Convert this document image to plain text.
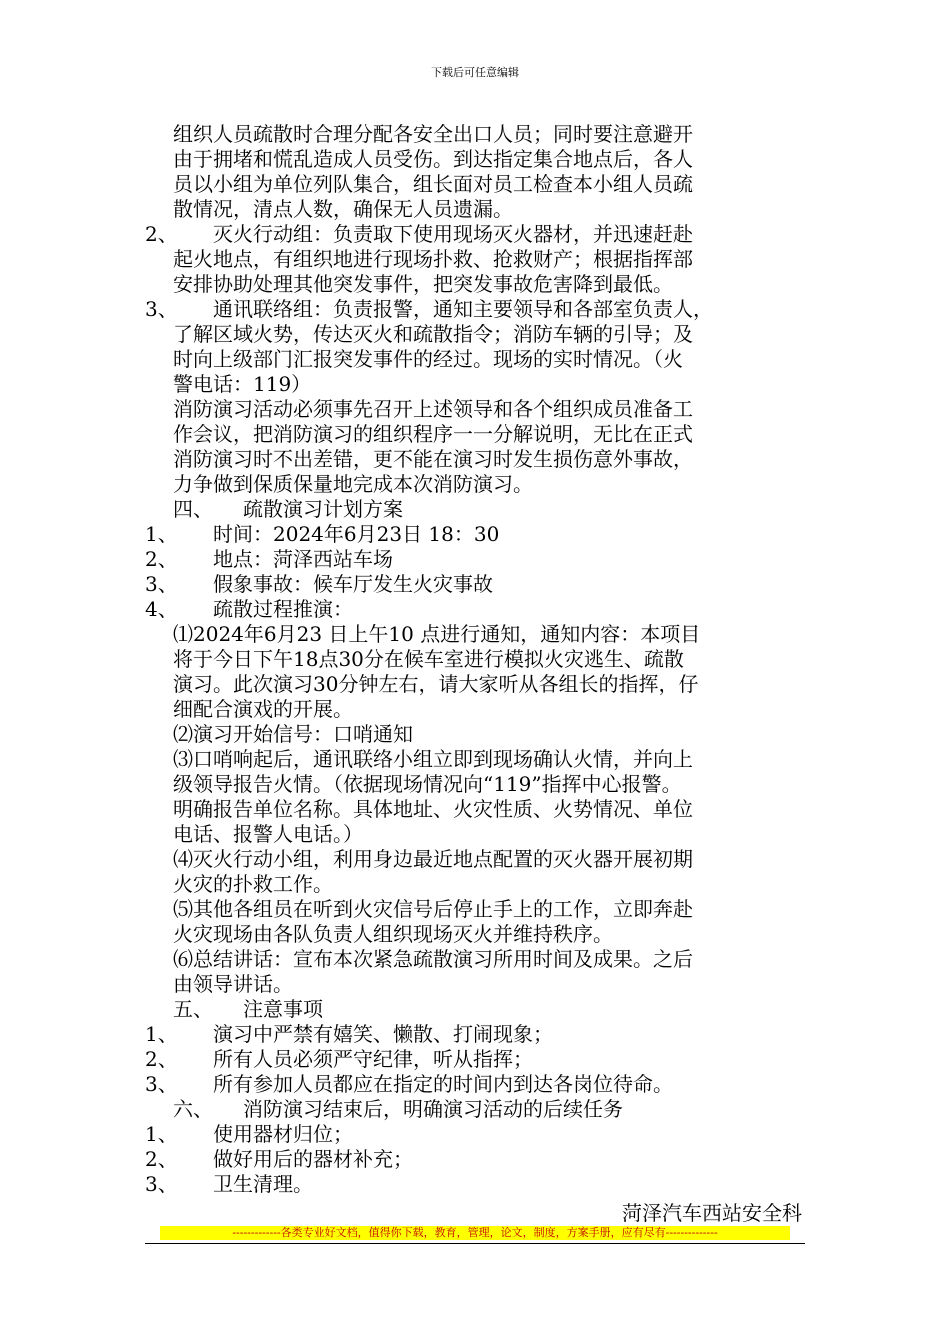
下载后可任意编辑

组织人员疏散时合理分配各安全出口人员；同时要注意避开

由于拥堵和慌乱造成人员受伤。到达指定集合地点后，各人

员以小组为单位列队集合，组长面对员工检查本小组人员疏

散情况，清点人数，确保无人员遗漏。

2、	灭火行动组：负责取下使用现场灭火器材，并迅速赶赴

起火地点，有组织地进行现场扑救、抢救财产；根据指挥部

安排协助处理其他突发事件，把突发事故危害降到最低。

3、	通讯联络组：负责报警，通知主要领导和各部室负责人，

了解区域火势，传达灭火和疏散指令；消防车辆的引导；及

时向上级部门汇报突发事件的经过。现场的实时情况。（火

警电话：119）

消防演习活动必须事先召开上述领导和各个组织成员准备工

作会议，把消防演习的组织程序一一分解说明，无比在正式

消防演习时不出差错，更不能在演习时发生损伤意外事故，

力争做到保质保量地完成本次消防演习。

四、 疏散演习计划方案

1、	时间：2024年6月23日 18：30
2、	地点：菏泽西站车场
3、	假象事故：候车厅发生火灾事故
4、	疏散过程推演：

⑴2024年6月23 日上午10 点进行通知，通知内容：本项目

将于今日下午18点30分在候车室进行模拟火灾逃生、疏散

演习。此次演习30分钟左右，请大家听从各组长的指挥，仔

细配合演戏的开展。

⑵演习开始信号：口哨通知

⑶口哨响起后，通讯联络小组立即到现场确认火情，并向上

级领导报告火情。（依据现场情况向“119”指挥中心报警。

明确报告单位名称。具体地址、火灾性质、火势情况、单位

电话、报警人电话。）

⑷灭火行动小组，利用身边最近地点配置的灭火器开展初期

火灾的扑救工作。

⑸其他各组员在听到火灾信号后停止手上的工作，立即奔赴

火灾现场由各队负责人组织现场灭火并维持秩序。

⑹总结讲话：宣布本次紧急疏散演习所用时间及成果。之后

由领导讲话。

五、 注意事项

1、	演习中严禁有嬉笑、懒散、打闹现象；
2、	所有人员必须严守纪律，听从指挥；
3、	所有参加人员都应在指定的时间内到达各岗位待命。

六、 消防演习结束后，明确演习活动的后续任务

1、	使用器材归位；
2、	做好用后的器材补充；
3、	卫生清理。
菏泽汽车西站安全科
-------------各类专业好文档，值得你下载，教育，管理，论文，制度，方案手册，应有尽有--------------
